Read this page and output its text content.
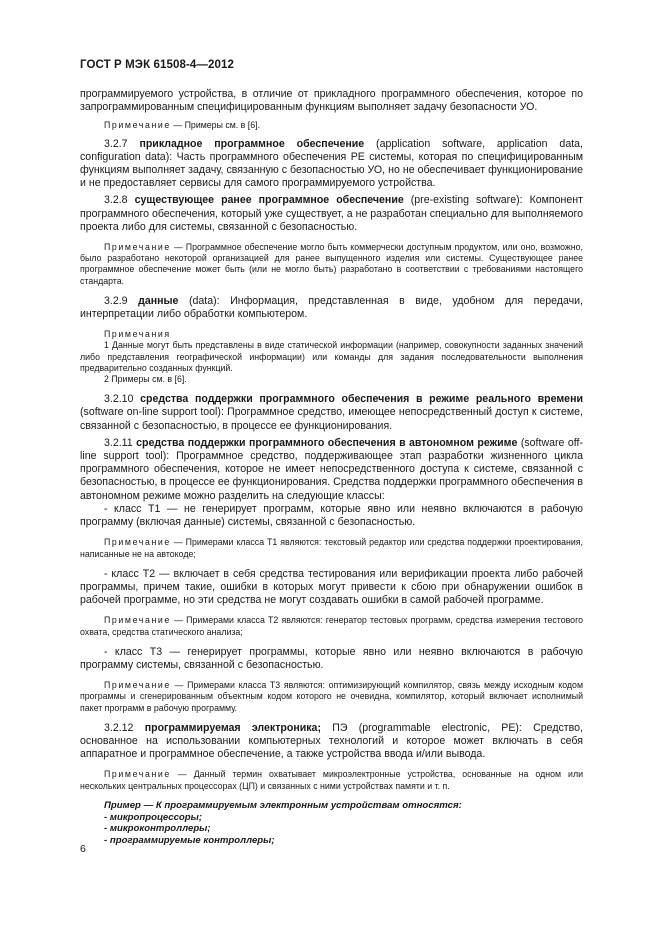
ГОСТ Р МЭК 61508-4—2012

программируемого устройства, в отличие от прикладного программного обеспечения, которое по запрограммированным специфицированным функциям выполняет задачу безопасности УО.

Примечание — Примеры см. в [6].

3.2.7 прикладное программное обеспечение (application software, application data, configuration data): Часть программного обеспечения PE системы, которая по специфицированным функциям выполняет задачу, связанную с безопасностью УО, но не обеспечивает функционирование и не предоставляет сервисы для самого программируемого устройства.

3.2.8 существующее ранее программное обеспечение (pre-existing software): Компонент программного обеспечения, который уже существует, а не разработан специально для выполняемого проекта либо для системы, связанной с безопасностью.

Примечание — Программное обеспечение могло быть коммерчески доступным продуктом, или оно, возможно, было разработано некоторой организацией для ранее выпущенного изделия или системы. Существующее ранее программное обеспечение может быть (или не могло быть) разработано в соответствии с требованиями настоящего стандарта.

3.2.9 данные (data): Информация, представленная в виде, удобном для передачи, интерпретации либо обработки компьютером.

Примечания

1 Данные могут быть представлены в виде статической информации (например, совокупности заданных значений либо представления географической информации) или команды для задания последовательности выполнения предварительно созданных функций.

2 Примеры см. в [6].

3.2.10 средства поддержки программного обеспечения в режиме реального времени (software on-line support tool): Программное средство, имеющее непосредственный доступ к системе, связанной с безопасностью, в процессе ее функционирования.

3.2.11 средства поддержки программного обеспечения в автономном режиме (software off-line support tool): Программное средство, поддерживающее этап разработки жизненного цикла программного обеспечения, которое не имеет непосредственного доступа к системе, связанной с безопасностью, в процессе ее функционирования. Средства поддержки программного обеспечения в автономном режиме можно разделить на следующие классы:

- класс T1 — не генерирует программ, которые явно или неявно включаются в рабочую программу (включая данные) системы, связанной с безопасностью.

Примечание — Примерами класса T1 являются: текстовый редактор или средства поддержки проектирования, написанные не на автокоде;

- класс T2 — включает в себя средства тестирования или верификации проекта либо рабочей программы, причем такие, ошибки в которых могут привести к сбою при обнаружении ошибок в рабочей программе, но эти средства не могут создавать ошибки в самой рабочей программе.

Примечание — Примерами класса T2 являются: генератор тестовых программ, средства измерения тестового охвата, средства статического анализа;

- класс T3 — генерирует программы, которые явно или неявно включаются в рабочую программу системы, связанной с безопасностью.

Примечание — Примерами класса T3 являются: оптимизирующий компилятор, связь между исходным кодом программы и сгенерированным объектным кодом которого не очевидна, компилятор, который включает исполнимый пакет программ в рабочую программу.

3.2.12 программируемая электроника; ПЭ (programmable electronic, PE): Средство, основанное на использовании компьютерных технологий и которое может включать в себя аппаратное и программное обеспечение, а также устройства ввода и/или вывода.

Примечание — Данный термин охватывает микроэлектронные устройства, основанные на одном или нескольких центральных процессорах (ЦП) и связанных с ними устройствах памяти и т. п.

Пример — К программируемым электронным устройствам относятся:

- микропроцессоры;

- микроконтроллеры;

- программируемые контроллеры;

6
